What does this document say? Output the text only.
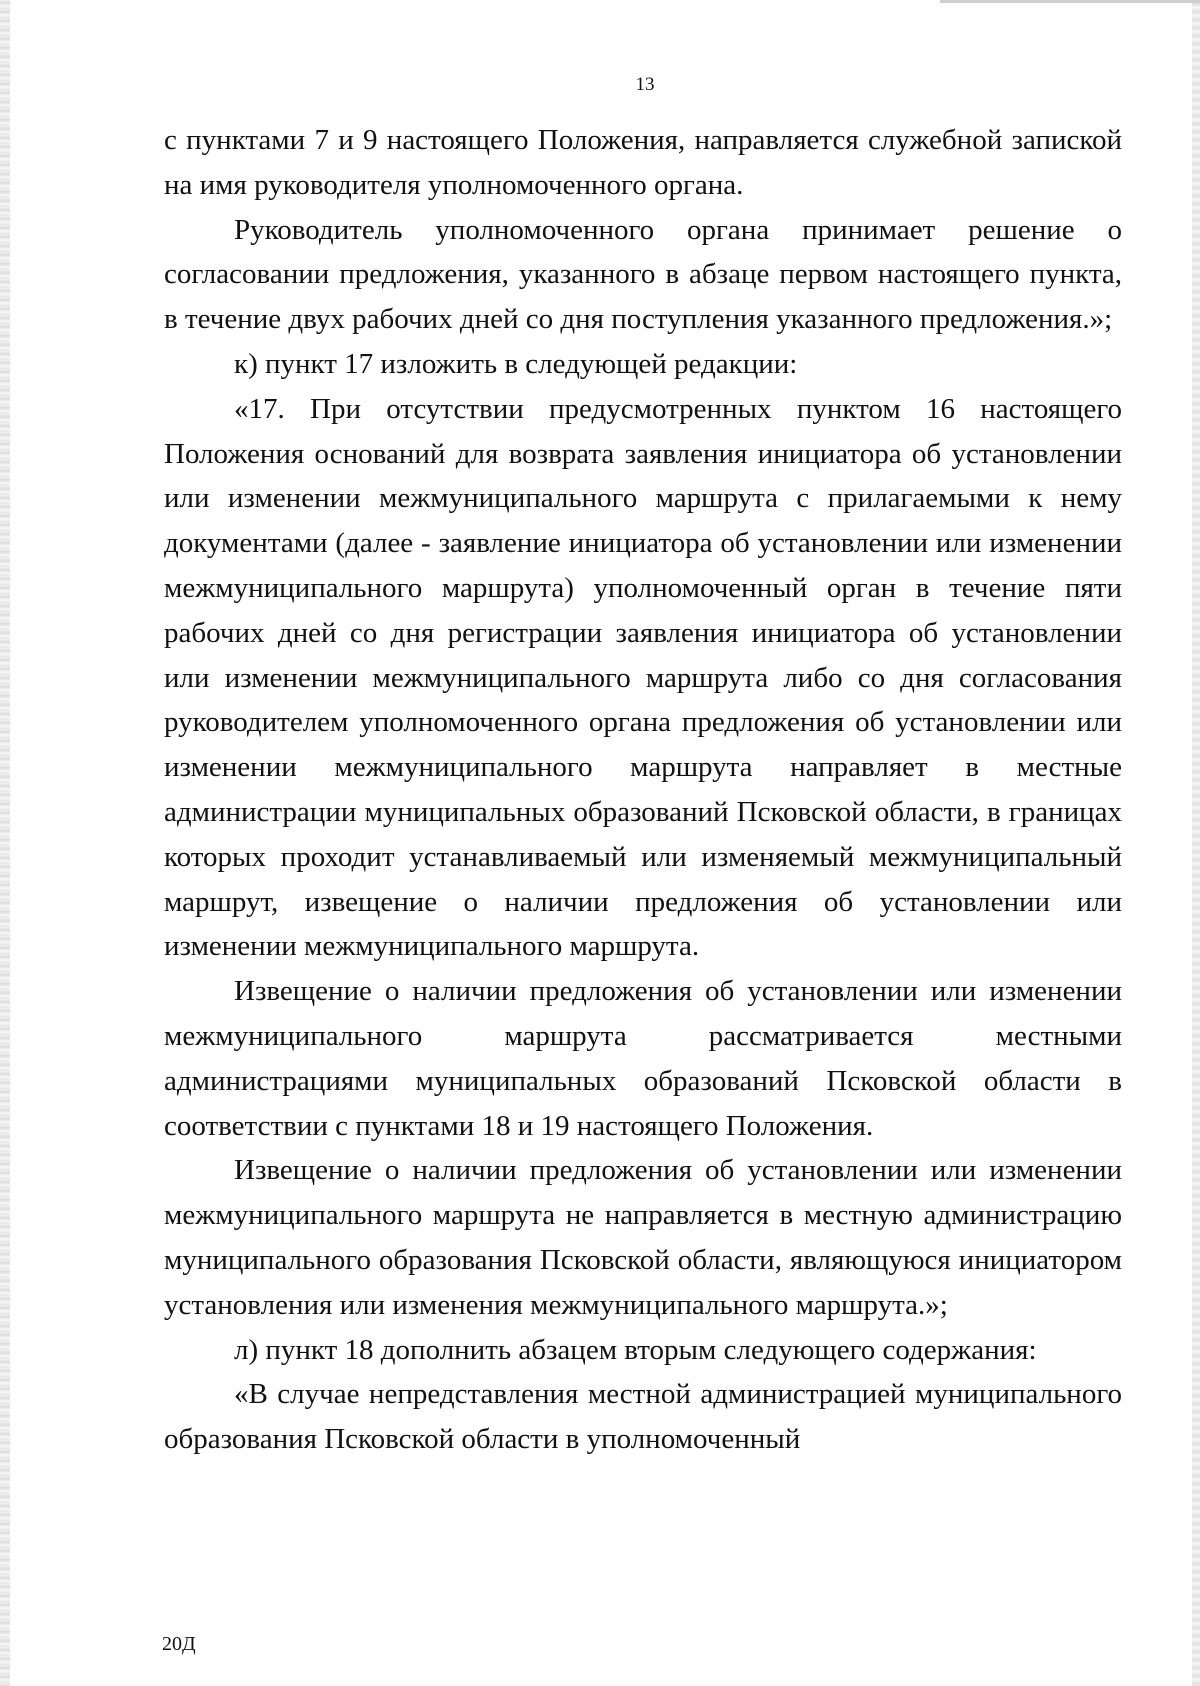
13

с пунктами 7 и 9 настоящего Положения, направляется служебной запиской на имя руководителя уполномоченного органа.

Руководитель уполномоченного органа принимает решение о согласовании предложения, указанного в абзаце первом настоящего пункта, в течение двух рабочих дней со дня поступления указанного предложения.»;

к) пункт 17 изложить в следующей редакции:

«17. При отсутствии предусмотренных пунктом 16 настоящего Положения оснований для возврата заявления инициатора об установлении или изменении межмуниципального маршрута с прилагаемыми к нему документами (далее - заявление инициатора об установлении или изменении межмуниципального маршрута) уполномоченный орган в течение пяти рабочих дней со дня регистрации заявления инициатора об установлении или изменении межмуниципального маршрута либо со дня согласования руководителем уполномоченного органа предложения об установлении или изменении межмуниципального маршрута направляет в местные администрации муниципальных образований Псковской области, в границах которых проходит устанавливаемый или изменяемый межмуниципальный маршрут, извещение о наличии предложения об установлении или изменении межмуниципального маршрута.

Извещение о наличии предложения об установлении или изменении межмуниципального маршрута рассматривается местными администрациями муниципальных образований Псковской области в соответствии с пунктами 18 и 19 настоящего Положения.

Извещение о наличии предложения об установлении или изменении межмуниципального маршрута не направляется в местную администрацию муниципального образования Псковской области, являющуюся инициатором установления или изменения межмуниципального маршрута.»;

л) пункт 18 дополнить абзацем вторым следующего содержания:

«В случае непредставления местной администрацией муниципального образования Псковской области в уполномоченный

20Д
